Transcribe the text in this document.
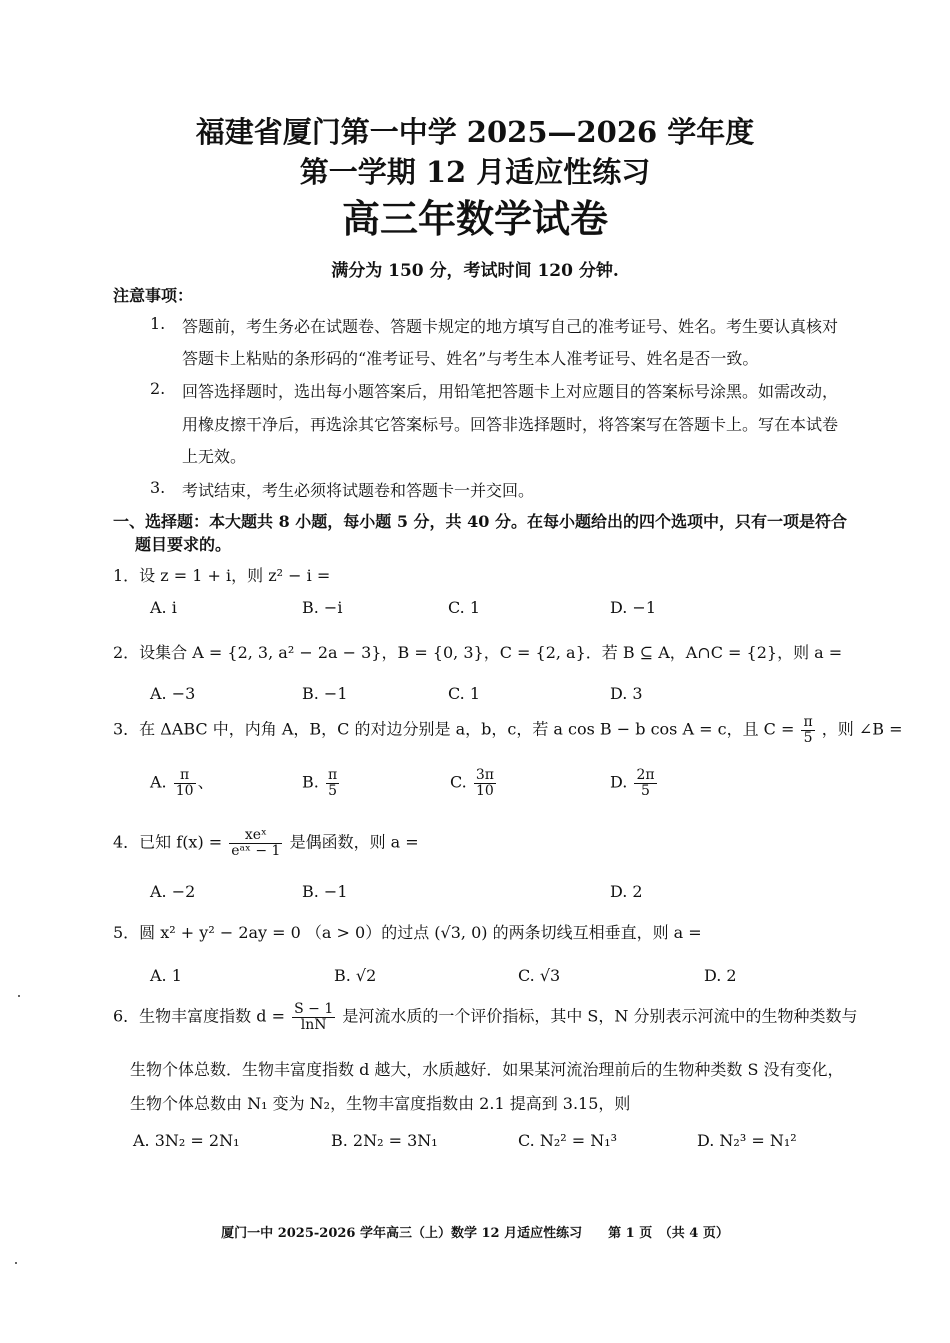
福建省厦门第一中学 2025—2026 学年度
第一学期 12 月适应性练习
高三年数学试卷
满分为 150 分，考试时间 120 分钟.
注意事项：
1. 答题前，考生务必在试题卷、答题卡规定的地方填写自己的准考证号、姓名。考生要认真核对
答题卡上粘贴的条形码的“准考证号、姓名”与考生本人准考证号、姓名是否一致。
2. 回答选择题时，选出每小题答案后，用铅笔把答题卡上对应题目的答案标号涂黑。如需改动，
用橡皮擦干净后，再选涂其它答案标号。回答非选择题时，将答案写在答题卡上。写在本试卷
上无效。
3. 考试结束，考生必须将试题卷和答题卡一并交回。
一、选择题：本大题共 8 小题，每小题 5 分，共 40 分。在每小题给出的四个选项中，只有一项是符合
题目要求的。
1．设 z = 1 + i，则 z² − i =
A. i	B. −i	C. 1	D. −1
2．设集合 A = {2, 3, a² − 2a − 3}，B = {0, 3}，C = {2, a}．若 B ⊆ A，A∩C = {2}，则 a =
A. −3	B. −1	C. 1	D. 3
3．在 ΔABC 中，内角 A，B，C 的对边分别是 a，b，c，若 a cos B − b cos A = c，且 $C = \frac{\pi}{5}$ ，则 ∠B =
A. $\frac{\pi}{10}$ 、	B. $\frac{\pi}{5}$	C. $\frac{3\pi}{10}$	D. $\frac{2\pi}{5}$
4．已知 $f(x) = \frac{\text{xeˣ}}{\text{eᵃˣ − 1}}$ 是偶函数，则 a =
A. −2	B. −1	D. 2
5．圆 x² + y² − 2ay = 0 （a > 0）的过点 (√3, 0) 的两条切线互相垂直，则 a =
A. 1	B. √2	C. √3	D. 2
6．生物丰富度指数 $d = \frac{S - 1}{\ln N}$ 是河流水质的一个评价指标，其中 S，N 分别表示河流中的生物种类数与
生物个体总数．生物丰富度指数 d 越大，水质越好．如果某河流治理前后的生物种类数 S 没有变化，
生物个体总数由 N₁ 变为 N₂，生物丰富度指数由 2.1 提高到 3.15，则
A. 3N₂ = 2N₁	B. 2N₂ = 3N₁	C. N₂² = N₁³	D. N₂³ = N₁²
厦门一中 2025-2026 学年高三（上）数学 12 月适应性练习　　第 1 页　（共 4 页）
